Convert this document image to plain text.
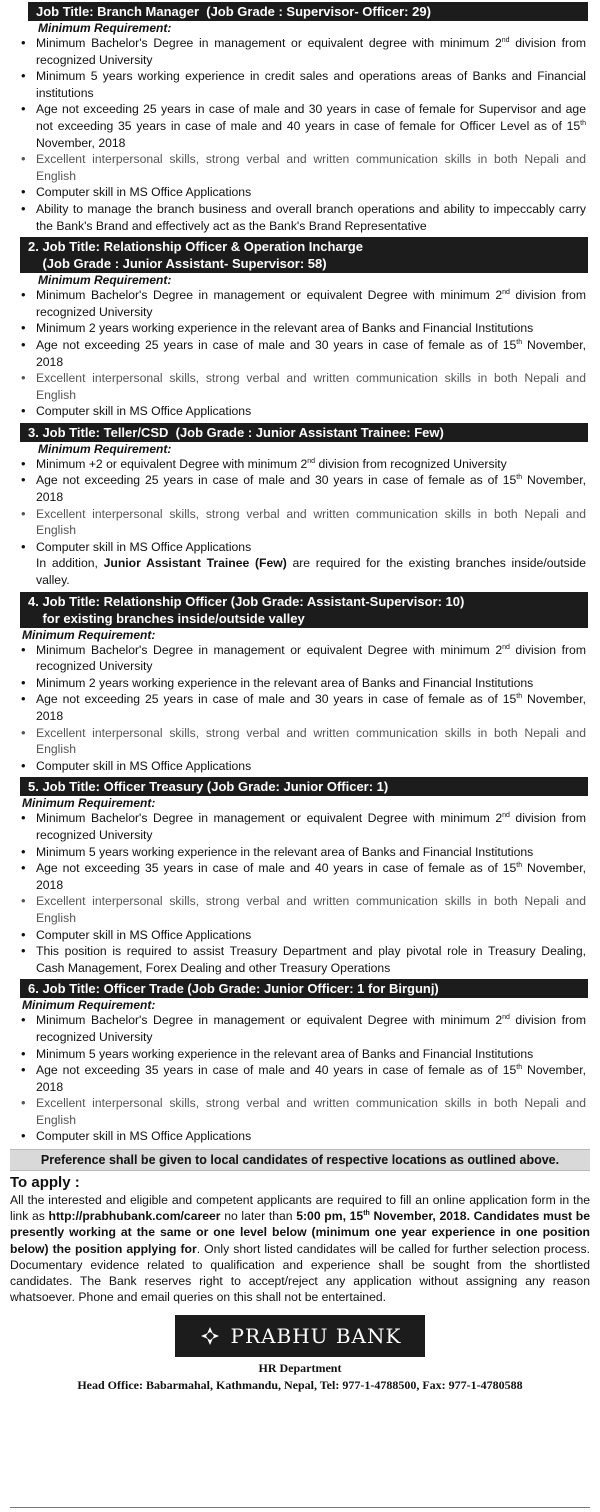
Job Title: Branch Manager  (Job Grade : Supervisor- Officer: 29)
Minimum Requirement:
• Minimum Bachelor's Degree in management or equivalent degree with minimum 2nd division from recognized University
• Minimum 5 years working experience in credit sales and operations areas of Banks and Financial institutions
• Age not exceeding 25 years in case of male and 30 years in case of female for Supervisor and age not exceeding 35 years in case of male and 40 years in case of female for Officer Level as of 15th November, 2018
• Excellent interpersonal skills, strong verbal and written communication skills in both Nepali and English
• Computer skill in MS Office Applications
• Ability to manage the branch business and overall branch operations and ability to impeccably carry the Bank's Brand and effectively act as the Bank's Brand Representative
2. Job Title: Relationship Officer & Operation Incharge
(Job Grade : Junior Assistant- Supervisor: 58)
Minimum Requirement:
• Minimum Bachelor's Degree in management or equivalent Degree with minimum 2nd division from recognized University
• Minimum 2 years working experience in the relevant area of Banks and Financial Institutions
• Age not exceeding 25 years in case of male and 30 years in case of female as of 15th November, 2018
• Excellent interpersonal skills, strong verbal and written communication skills in both Nepali and English
• Computer skill in MS Office Applications
3. Job Title: Teller/CSD  (Job Grade : Junior Assistant Trainee: Few)
Minimum Requirement:
• Minimum +2 or equivalent Degree with minimum 2nd division from recognized University
• Age not exceeding 25 years in case of male and 30 years in case of female as of 15th November, 2018
• Excellent interpersonal skills, strong verbal and written communication skills in both Nepali and English
• Computer skill in MS Office Applications
In addition, Junior Assistant Trainee (Few) are required for the existing branches inside/outside valley.
4. Job Title: Relationship Officer (Job Grade: Assistant-Supervisor: 10)
for existing branches inside/outside valley
Minimum Requirement:
• Minimum Bachelor's Degree in management or equivalent Degree with minimum 2nd division from recognized University
• Minimum 2 years working experience in the relevant area of Banks and Financial Institutions
• Age not exceeding 25 years in case of male and 30 years in case of female as of 15th November, 2018
• Excellent interpersonal skills, strong verbal and written communication skills in both Nepali and English
• Computer skill in MS Office Applications
5. Job Title: Officer Treasury (Job Grade: Junior Officer: 1)
Minimum Requirement:
• Minimum Bachelor's Degree in management or equivalent Degree with minimum 2nd division from recognized University
• Minimum 5 years working experience in the relevant area of Banks and Financial Institutions
• Age not exceeding 35 years in case of male and 40 years in case of female as of 15th November, 2018
• Excellent interpersonal skills, strong verbal and written communication skills in both Nepali and English
• Computer skill in MS Office Applications
• This position is required to assist Treasury Department and play pivotal role in Treasury Dealing, Cash Management, Forex Dealing and other Treasury Operations
6. Job Title: Officer Trade (Job Grade: Junior Officer: 1 for Birgunj)
Minimum Requirement:
• Minimum Bachelor's Degree in management or equivalent Degree with minimum 2nd division from recognized University
• Minimum 5 years working experience in the relevant area of Banks and Financial Institutions
• Age not exceeding 35 years in case of male and 40 years in case of female as of 15th November, 2018
• Excellent interpersonal skills, strong verbal and written communication skills in both Nepali and English
• Computer skill in MS Office Applications
Preference shall be given to local candidates of respective locations as outlined above.
To apply :
All the interested and eligible and competent applicants are required to fill an online application form in the link as http://prabhubank.com/career no later than 5:00 pm, 15th November, 2018. Candidates must be presently working at the same or one level below (minimum one year experience in one position below) the position applying for. Only short listed candidates will be called for further selection process. Documentary evidence related to qualification and experience shall be sought from the shortlisted candidates. The Bank reserves right to accept/reject any application without assigning any reason whatsoever. Phone and email queries on this shall not be entertained.
PRABHU BANK
HR Department
Head Office: Babarmahal, Kathmandu, Nepal, Tel: 977-1-4788500, Fax: 977-1-4780588
